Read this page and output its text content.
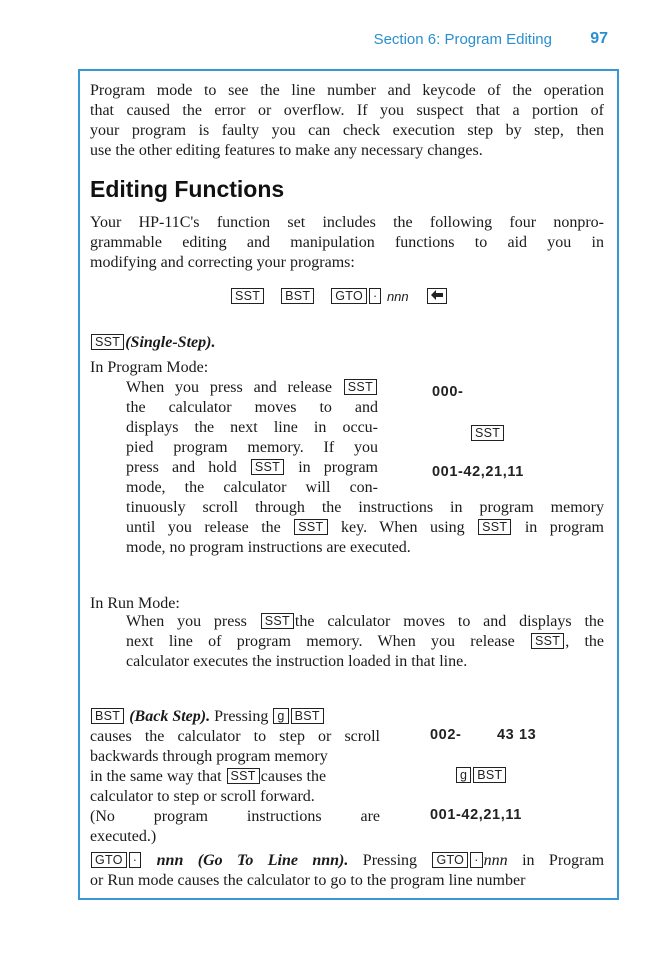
Section 6: Program Editing 97
Program mode to see the line number and keycode of the operation
that caused the error or overflow. If you suspect that a portion of
your program is faulty you can check execution step by step, then
use the other editing features to make any necessary changes.
Editing Functions
Your HP-11C's function set includes the following four nonpro-
grammable editing and manipulation functions to aid you in
modifying and correcting your programs:
SST BST GTO · nnn
SST (Single-Step).
In Program Mode:
When you press and release SST
the calculator moves to and
displays the next line in occu-
pied program memory. If you
press and hold SST in program
mode, the calculator will con-
tinuously scroll through the instructions in program memory
until you release the SST key. When using SST in program
mode, no program instructions are executed.
000-
SST
001-42,21,11
In Run Mode:
When you press SST the calculator moves to and displays the
next line of program memory. When you release SST , the
calculator executes the instruction loaded in that line.
BST (Back Step). Pressing g BST
causes the calculator to step or scroll
backwards through program memory
in the same way that SST causes the
calculator to step or scroll forward.
(No program instructions are
executed.)
002- 43 13
g BST
001-42,21,11
GTO · nnn (Go To Line nnn). Pressing GTO · nnn in Program
or Run mode causes the calculator to go to the program line number
